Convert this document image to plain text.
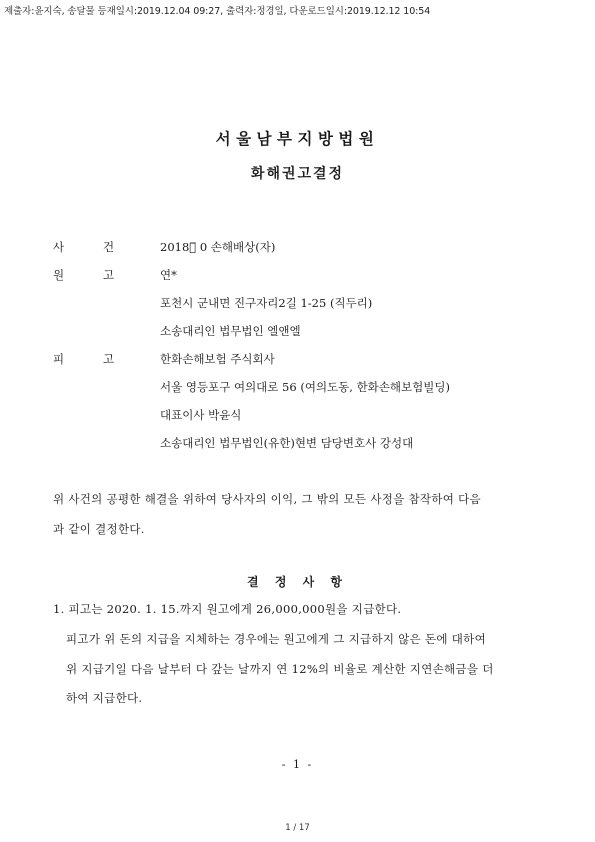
제출자:윤지숙, 송달물 등재일시:2019.12.04 09:27, 출력자:정경일, 다운로드일시:2019.12.12 10:54
서울남부지방법원
화해권고결정
사	건	2018가̅ 0 손해배상(자)
원	고	연*
포천시 군내면 진구자리2길 1-25 (직두리)
소송대리인 법무법인 엘앤엘
피	고	한화손해보험 주식회사
서울 영등포구 여의대로 56 (여의도동, 한화손해보험빌딩)
대표이사 박윤식
소송대리인 법무법인(유한)현변 담당변호사 강성대
위 사건의 공평한 해결을 위하여 당사자의 이익, 그 밖의 모든 사정을 참작하여 다음
과 같이 결정한다.
결 정 사 항
1. 피고는 2020. 1. 15.까지 원고에게 26,000,000원을 지급한다.
피고가 위 돈의 지급을 지체하는 경우에는 원고에게 그 지급하지 않은 돈에 대하여
위 지급기일 다음 날부터 다 갚는 날까지 연 12%의 비율로 계산한 지연손해금을 더
하여 지급한다.
- 1 -
1 / 17
